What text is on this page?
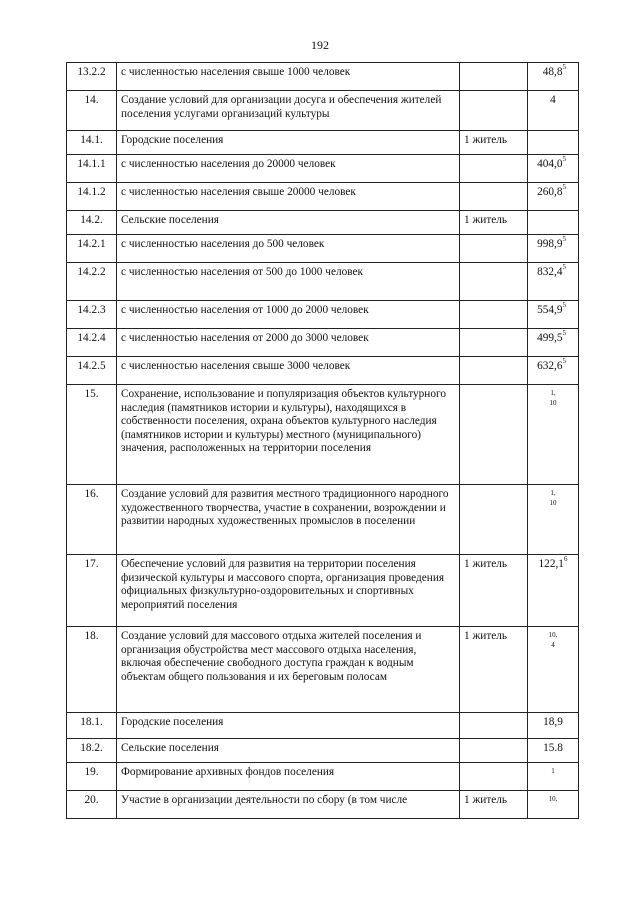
192
13.2.2	с численностью населения свыше 1000 человек		48,8$^5$
14.	Создание условий для организации досуга и обеспечения жителей поселения услугами организаций культуры		4
14.1.	Городские поселения	1 житель	
14.1.1	с численностью населения до 20000 человек		404,0$^5$
14.1.2	с численностью населения свыше 20000 человек		260,8$^5$
14.2.	Сельские поселения	1 житель	
14.2.1	с численностью населения до 500 человек		998,9$^5$
14.2.2	с численностью населения от 500 до 1000 человек		832,4$^5$
14.2.3	с численностью населения от 1000 до 2000 человек		554,9$^5$
14.2.4	с численностью населения от 2000 до 3000 человек		499,5$^5$
14.2.5	с численностью населения свыше 3000 человек		632,6$^5$
15.	Сохранение, использование и популяризация объектов культурного наследия (памятников истории и культуры), находящихся в собственности поселения, охрана объектов культурного наследия (памятников истории и культуры) местного (муниципального) значения, расположенных на территории поселения		1,
10
16.	Создание условий для развития местного традиционного народного художественного творчества, участие в сохранении, возрождении и развитии народных художественных промыслов в поселении		1,
10
17.	Обеспечение условий для развития на территории поселения физической культуры и массового спорта, организация проведения официальных физкультурно-оздоровительных и спортивных мероприятий поселения	1 житель	122,1$^6$
18.	Создание условий для массового отдыха жителей поселения и организация обустройства мест массового отдыха населения, включая обеспечение свободного доступа граждан к водным объектам общего пользования и их береговым полосам	1 житель	10,
4
18.1.	Городские поселения		18,9
18.2.	Сельские поселения		15.8
19.	Формирование архивных фондов поселения		1
20.	Участие в организации деятельности по сбору (в том числе	1 житель	10,
